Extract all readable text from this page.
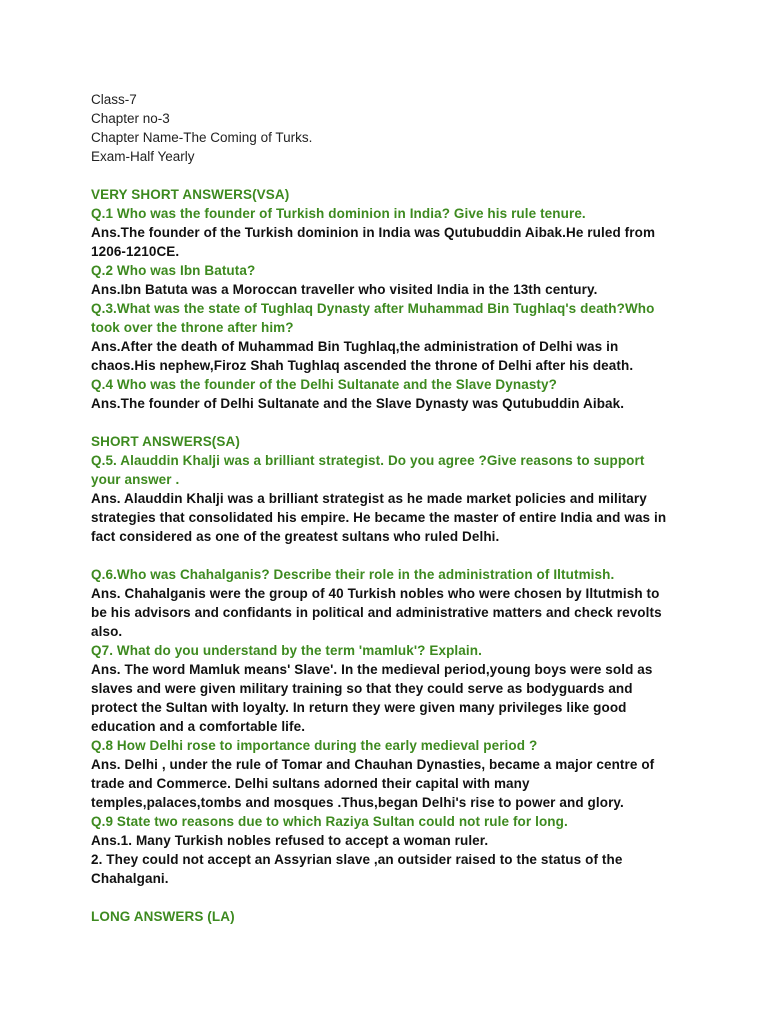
Class-7
Chapter no-3
Chapter Name-The Coming of Turks.
Exam-Half Yearly
VERY SHORT ANSWERS(VSA)
Q.1 Who was the founder of Turkish dominion in India? Give his rule tenure.
Ans.The founder of the Turkish dominion in India was Qutubuddin Aibak.He ruled from
1206-1210CE.
Q.2 Who was Ibn Batuta?
Ans.Ibn Batuta was a Moroccan traveller who visited India in the 13th century.
Q.3.What was the state of Tughlaq Dynasty after Muhammad Bin Tughlaq's death?Who
took over the throne after him?
Ans.After the death of Muhammad Bin Tughlaq,the administration of Delhi was in
chaos.His nephew,Firoz Shah Tughlaq ascended the throne of Delhi after his death.
Q.4 Who was the founder of the Delhi Sultanate and the Slave Dynasty?
Ans.The founder of Delhi Sultanate and the Slave Dynasty was Qutubuddin Aibak.
SHORT ANSWERS(SA)
Q.5. Alauddin Khalji was a brilliant strategist. Do you agree ?Give reasons to support
your answer .
Ans. Alauddin Khalji was a brilliant strategist as he made market policies and military
strategies that consolidated his empire. He became the master of entire India and was in
fact considered as one of the greatest sultans who ruled Delhi.
Q.6.Who was Chahalganis? Describe their role in the administration of Iltutmish.
Ans. Chahalganis were the group of 40 Turkish nobles who were chosen by Iltutmish to
be his advisors and confidants in political and administrative matters and check revolts
also.
Q7. What do you understand by the term 'mamluk'? Explain.
Ans. The word Mamluk means' Slave'. In the medieval period,young boys were sold as
slaves and were given military training so that they could serve as bodyguards and
protect the Sultan with loyalty. In return they were given many privileges like good
education and a comfortable life.
Q.8 How Delhi rose to importance during the early medieval period ?
Ans. Delhi , under the rule of Tomar and Chauhan Dynasties, became a major centre of
trade and Commerce. Delhi sultans adorned their capital with many
temples,palaces,tombs and mosques .Thus,began Delhi's rise to power and glory.
Q.9 State two reasons due to which Raziya Sultan could not rule for long.
Ans.1. Many Turkish nobles refused to accept a woman ruler.
2. They could not accept an Assyrian slave ,an outsider raised to the status of the
Chahalgani.
LONG ANSWERS (LA)
